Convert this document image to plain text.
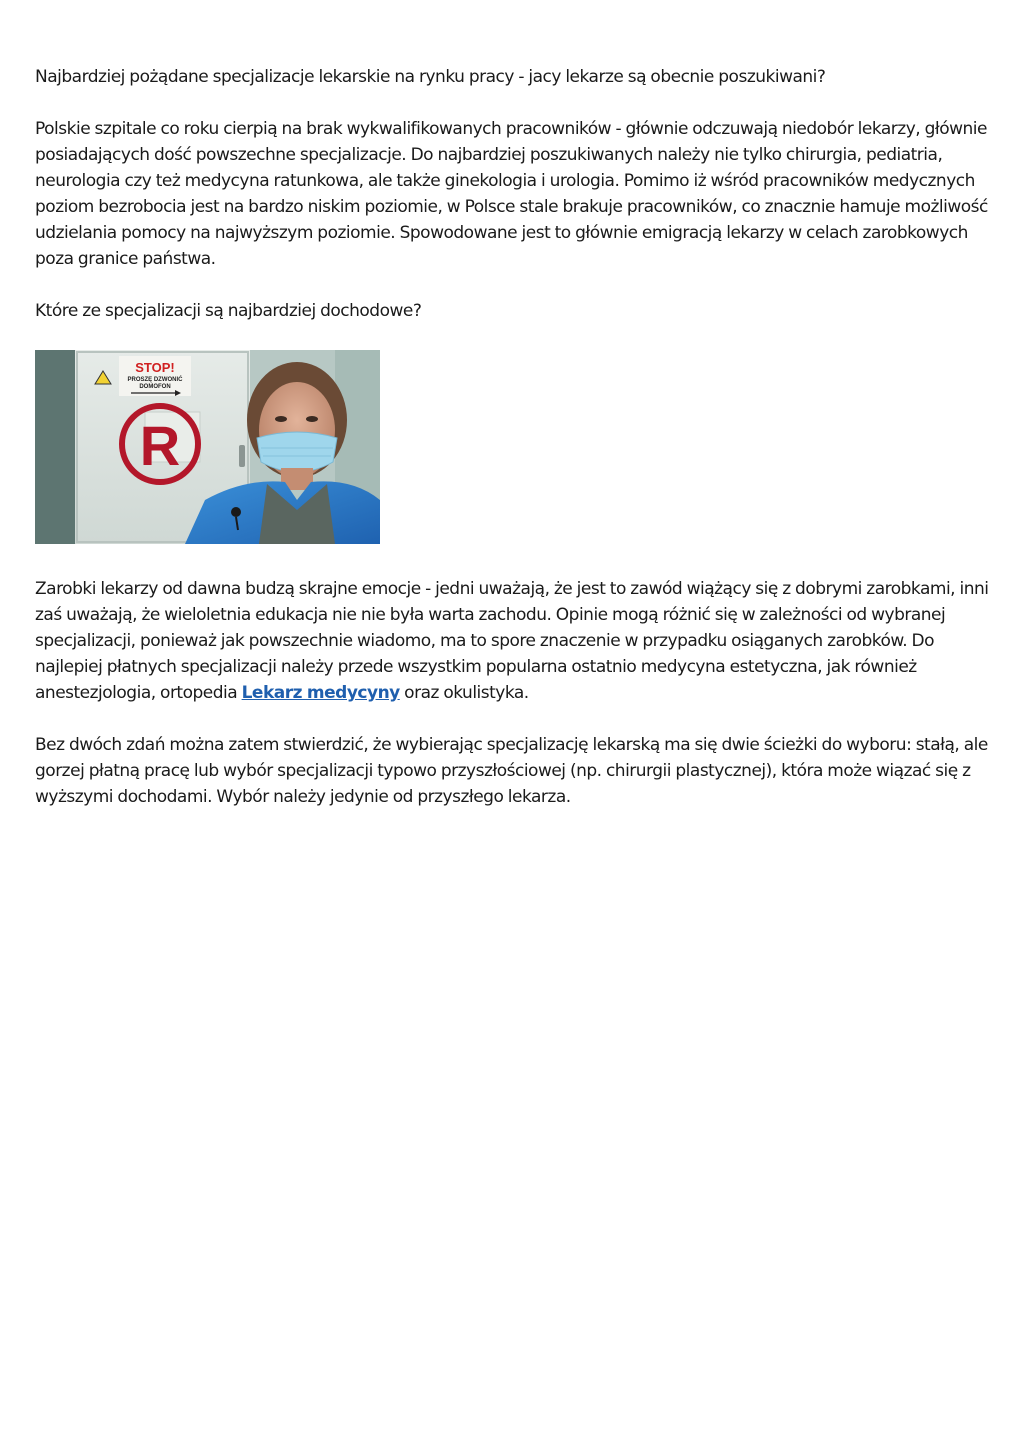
Najbardziej pożądane specjalizacje lekarskie na rynku pracy - jacy lekarze są obecnie poszukiwani?

Polskie szpitale co roku cierpią na brak wykwalifikowanych pracowników - głównie odczuwają niedobór lekarzy, głównie posiadających dość powszechne specjalizacje. Do najbardziej poszukiwanych należy nie tylko chirurgia, pediatria, neurologia czy też medycyna ratunkowa, ale także ginekologia i urologia. Pomimo iż wśród pracowników medycznych poziom bezrobocia jest na bardzo niskim poziomie, w Polsce stale brakuje pracowników, co znacznie hamuje możliwość udzielania pomocy na najwyższym poziomie. Spowodowane jest to głównie emigracją lekarzy w celach zarobkowych poza granice państwa.

Które ze specjalizacji są najbardziej dochodowe?

STOP!
PROSZĘ DZWONIĆ
DOMOFON
R

Zarobki lekarzy od dawna budzą skrajne emocje - jedni uważają, że jest to zawód wiążący się z dobrymi zarobkami, inni zaś uważają, że wieloletnia edukacja nie nie była warta zachodu. Opinie mogą różnić się w zależności od wybranej specjalizacji, ponieważ jak powszechnie wiadomo, ma to spore znaczenie w przypadku osiąganych zarobków. Do najlepiej płatnych specjalizacji należy przede wszystkim popularna ostatnio medycyna estetyczna, jak również anestezjologia, ortopedia Lekarz medycyny oraz okulistyka.

Bez dwóch zdań można zatem stwierdzić, że wybierając specjalizację lekarską ma się dwie ścieżki do wyboru: stałą, ale gorzej płatną pracę lub wybór specjalizacji typowo przyszłościowej (np. chirurgii plastycznej), która może wiązać się z wyższymi dochodami. Wybór należy jedynie od przyszłego lekarza.
